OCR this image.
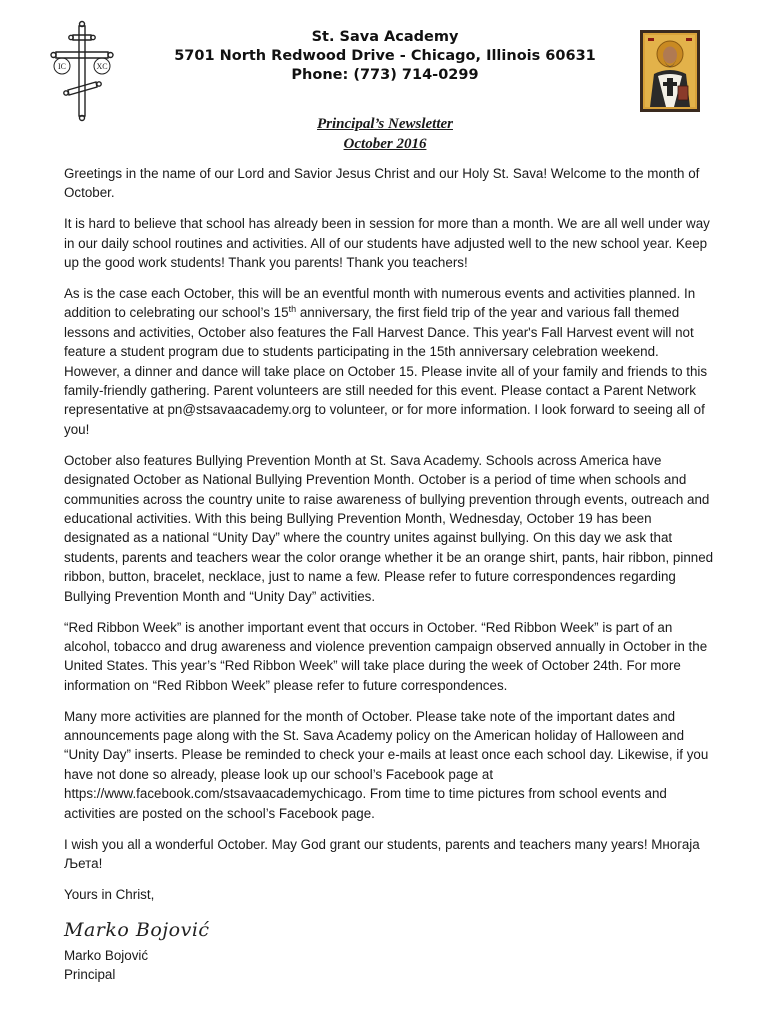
IC	XC
St. Sava Academy
5701 North Redwood Drive - Chicago, Illinois 60631
Phone: (773) 714-0299
Principal’s Newsletter
October 2016

Greetings in the name of our Lord and Savior Jesus Christ and our Holy St. Sava! Welcome to the month of October.

It is hard to believe that school has already been in session for more than a month. We are all well under way in our daily school routines and activities. All of our students have adjusted well to the new school year. Keep up the good work students! Thank you parents! Thank you teachers!

As is the case each October, this will be an eventful month with numerous events and activities planned. In addition to celebrating our school’s 15th anniversary, the first field trip of the year and various fall themed lessons and activities, October also features the Fall Harvest Dance. This year's Fall Harvest event will not feature a student program due to students participating in the 15th anniversary celebration weekend. However, a dinner and dance will take place on October 15. Please invite all of your family and friends to this family-friendly gathering. Parent volunteers are still needed for this event. Please contact a Parent Network representative at pn@stsavaacademy.org to volunteer, or for more information. I look forward to seeing all of you!

October also features Bullying Prevention Month at St. Sava Academy. Schools across America have designated October as National Bullying Prevention Month. October is a period of time when schools and communities across the country unite to raise awareness of bullying prevention through events, outreach and educational activities. With this being Bullying Prevention Month, Wednesday, October 19 has been designated as a national “Unity Day” where the country unites against bullying. On this day we ask that students, parents and teachers wear the color orange whether it be an orange shirt, pants, hair ribbon, pinned ribbon, button, bracelet, necklace, just to name a few. Please refer to future correspondences regarding Bullying Prevention Month and “Unity Day” activities.

“Red Ribbon Week” is another important event that occurs in October. “Red Ribbon Week” is part of an alcohol, tobacco and drug awareness and violence prevention campaign observed annually in October in the United States. This year’s “Red Ribbon Week” will take place during the week of October 24th. For more information on “Red Ribbon Week” please refer to future correspondences.

Many more activities are planned for the month of October. Please take note of the important dates and announcements page along with the St. Sava Academy policy on the American holiday of Halloween and “Unity Day” inserts. Please be reminded to check your e-mails at least once each school day. Likewise, if you have not done so already, please look up our school’s Facebook page at https://www.facebook.com/stsavaacademychicago. From time to time pictures from school events and activities are posted on the school’s Facebook page.

I wish you all a wonderful October. May God grant our students, parents and teachers many years! Многаја Љета!

Yours in Christ,

Marko Bojović
Marko Bojović
Principal
